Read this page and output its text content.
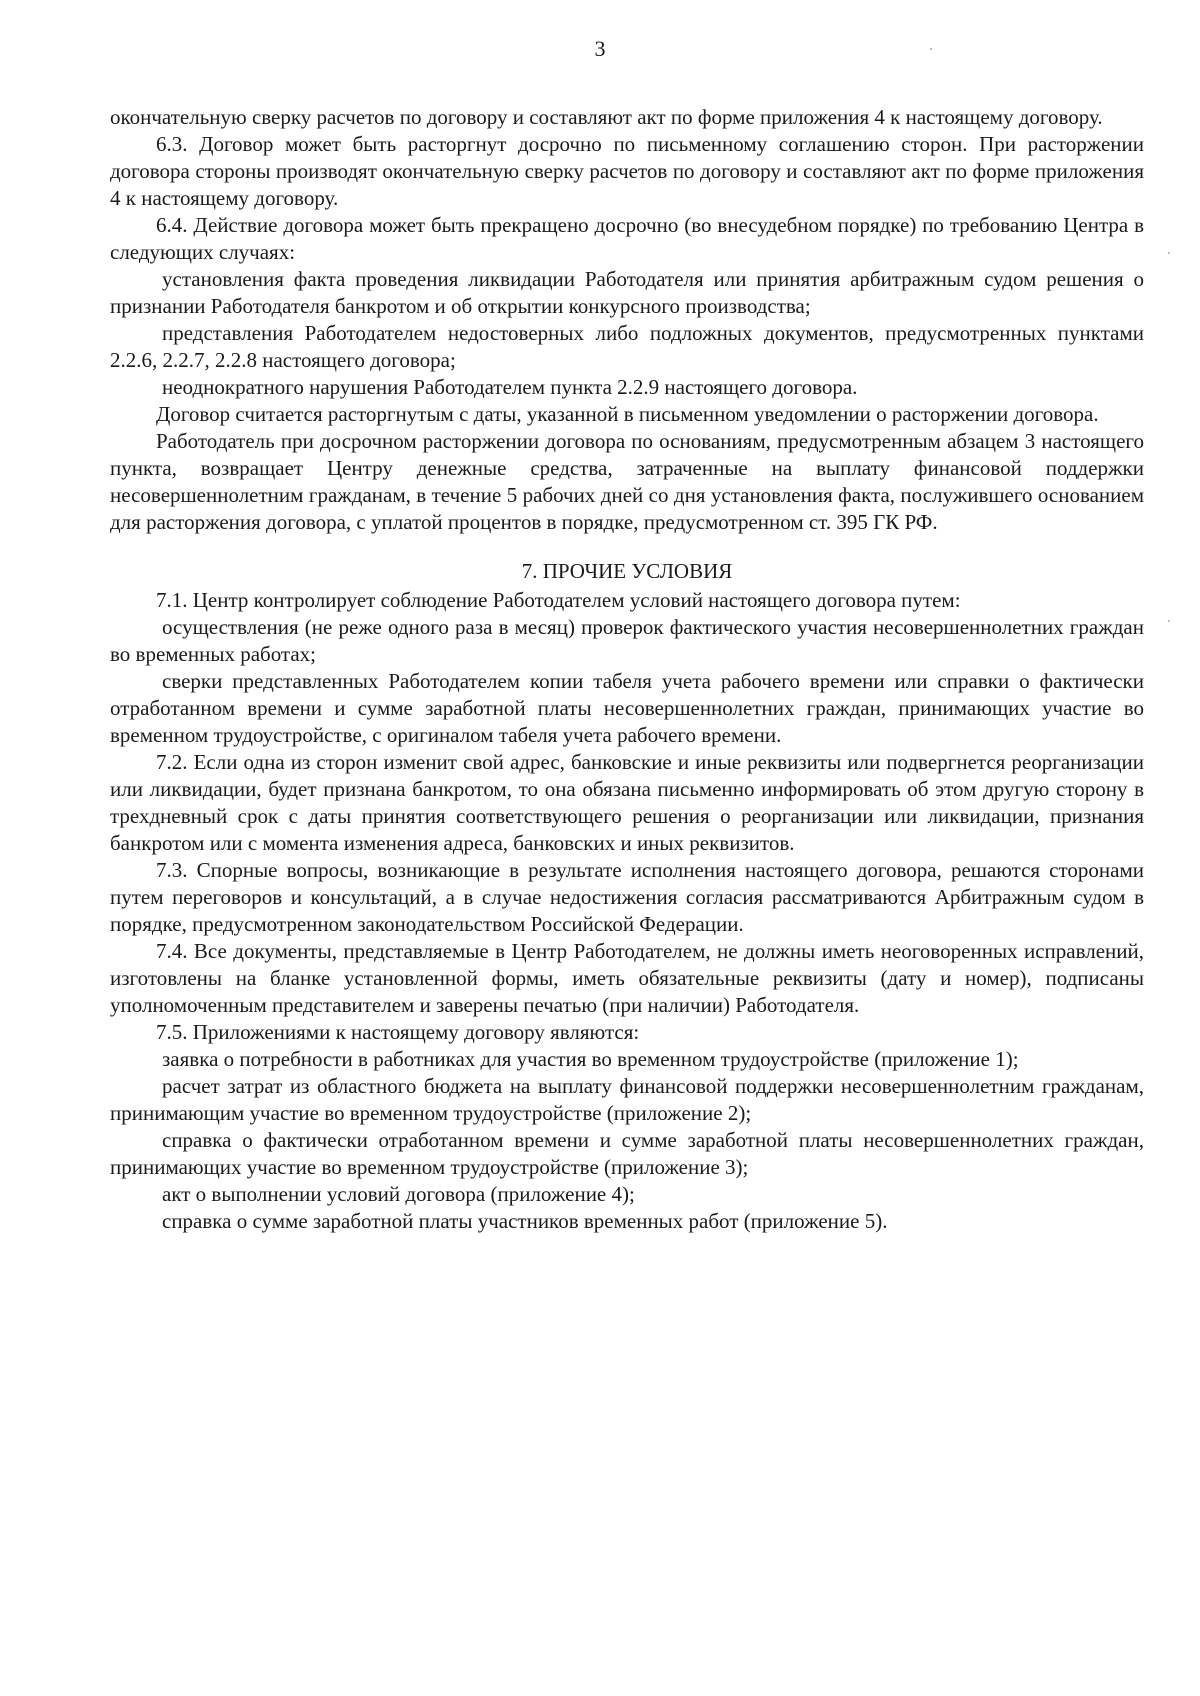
3

окончательную сверку расчетов по договору и составляют акт по форме приложения 4 к настоящему договору.

6.3. Договор может быть расторгнут досрочно по письменному соглашению сторон. При расторжении договора стороны производят окончательную сверку расчетов по договору и составляют акт по форме приложения 4 к настоящему договору.

6.4. Действие договора может быть прекращено досрочно (во внесудебном порядке) по требованию Центра в следующих случаях:

установления факта проведения ликвидации Работодателя или принятия арбитражным судом решения о признании Работодателя банкротом и об открытии конкурсного производства;

представления Работодателем недостоверных либо подложных документов, предусмотренных пунктами 2.2.6, 2.2.7, 2.2.8 настоящего договора;

неоднократного нарушения Работодателем пункта 2.2.9 настоящего договора.

Договор считается расторгнутым с даты, указанной в письменном уведомлении о расторжении договора.

Работодатель при досрочном расторжении договора по основаниям, предусмотренным абзацем 3 настоящего пункта, возвращает Центру денежные средства, затраченные на выплату финансовой поддержки несовершеннолетним гражданам, в течение 5 рабочих дней со дня установления факта, послужившего основанием для расторжения договора, с уплатой процентов в порядке, предусмотренном ст. 395 ГК РФ.

7. ПРОЧИЕ УСЛОВИЯ

7.1. Центр контролирует соблюдение Работодателем условий настоящего договора путем:

осуществления (не реже одного раза в месяц) проверок фактического участия несовершеннолетних граждан во временных работах;

сверки представленных Работодателем копии табеля учета рабочего времени или справки о фактически отработанном времени и сумме заработной платы несовершеннолетних граждан, принимающих участие во временном трудоустройстве, с оригиналом табеля учета рабочего времени.

7.2. Если одна из сторон изменит свой адрес, банковские и иные реквизиты или подвергнется реорганизации или ликвидации, будет признана банкротом, то она обязана письменно информировать об этом другую сторону в трехдневный срок с даты принятия соответствующего решения о реорганизации или ликвидации, признания банкротом или с момента изменения адреса, банковских и иных реквизитов.

7.3. Спорные вопросы, возникающие в результате исполнения настоящего договора, решаются сторонами путем переговоров и консультаций, а в случае недостижения согласия рассматриваются Арбитражным судом в порядке, предусмотренном законодательством Российской Федерации.

7.4. Все документы, представляемые в Центр Работодателем, не должны иметь неоговоренных исправлений, изготовлены на бланке установленной формы, иметь обязательные реквизиты (дату и номер), подписаны уполномоченным представителем и заверены печатью (при наличии) Работодателя.

7.5. Приложениями к настоящему договору являются:

заявка о потребности в работниках для участия во временном трудоустройстве (приложение 1);

расчет затрат из областного бюджета на выплату финансовой поддержки несовершеннолетним гражданам, принимающим участие во временном трудоустройстве (приложение 2);

справка о фактически отработанном времени и сумме заработной платы несовершеннолетних граждан, принимающих участие во временном трудоустройстве (приложение 3);

акт о выполнении условий договора (приложение 4);

справка о сумме заработной платы участников временных работ (приложение 5).
